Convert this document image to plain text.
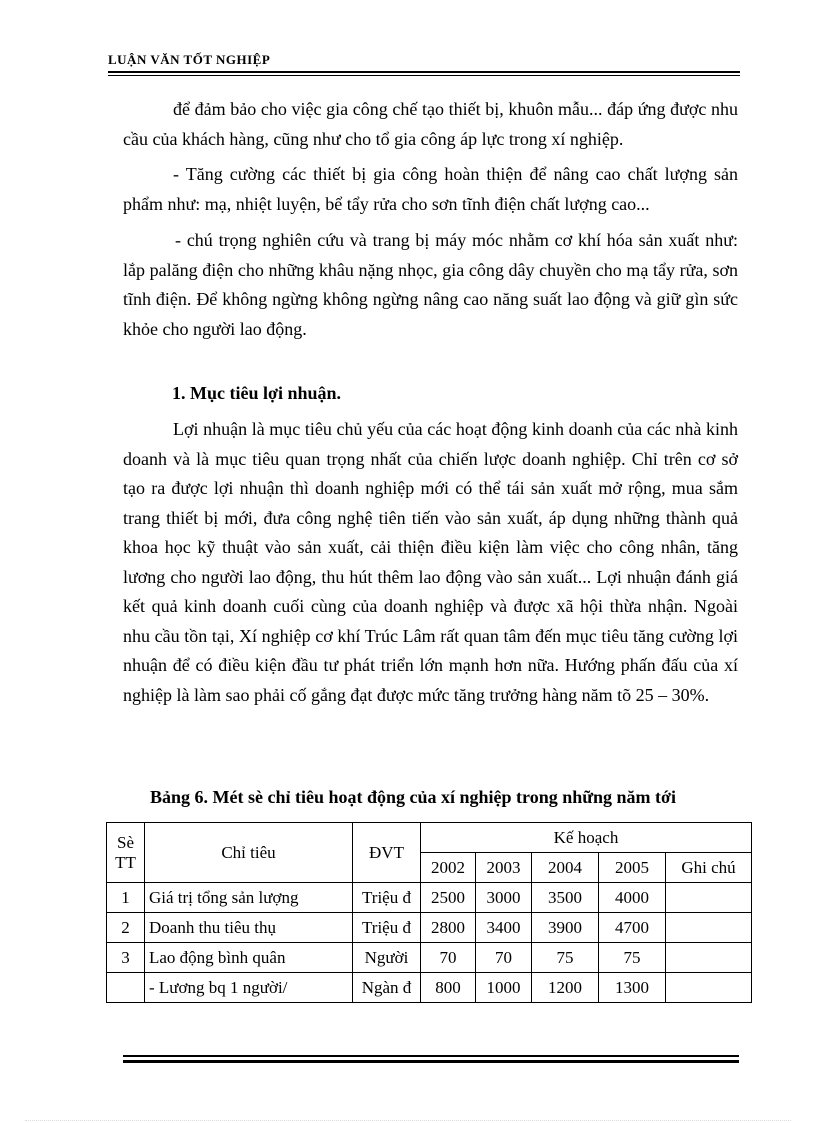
LUẬN VĂN TỐT NGHIỆP
để đảm bảo cho việc gia công chế tạo thiết bị, khuôn mẫu... đáp ứng được nhu cầu của khách hàng, cũng như cho tổ gia công áp lực trong xí nghiệp.
- Tăng cường các thiết bị gia công hoàn thiện để nâng cao chất lượng sản phẩm như: mạ, nhiệt luyện, bể tẩy rửa cho sơn tĩnh điện chất lượng cao...
- chú trọng nghiên cứu và trang bị máy móc nhằm cơ khí hóa sản xuất như: lắp palăng điện cho những khâu nặng nhọc, gia công dây chuyền cho mạ tẩy rửa, sơn tĩnh điện. Để không ngừng không ngừng nâng cao năng suất lao động và giữ gìn sức khỏe cho người lao động.
1. Mục tiêu lợi nhuận.
Lợi nhuận là mục tiêu chủ yếu của các hoạt động kinh doanh của các nhà kinh doanh và là mục tiêu quan trọng nhất của chiến lược doanh nghiệp. Chỉ trên cơ sở tạo ra được lợi nhuận thì doanh nghiệp mới có thể tái sản xuất mở rộng, mua sắm trang thiết bị mới, đưa công nghệ tiên tiến vào sản xuất, áp dụng những thành quả khoa học kỹ thuật vào sản xuất, cải thiện điều kiện làm việc cho công nhân, tăng lương cho người lao động, thu hút thêm lao động vào sản xuất... Lợi nhuận đánh giá kết quả kinh doanh cuối cùng của doanh nghiệp và được xã hội thừa nhận. Ngoài nhu cầu tồn tại, Xí nghiệp cơ khí Trúc Lâm rất quan tâm đến mục tiêu tăng cường lợi nhuận để có điều kiện đầu tư phát triển lớn mạnh hơn nữa. Hướng phấn đấu của xí nghiệp là làm sao phải cố gắng đạt được mức tăng trưởng hàng năm tõ 25 – 30%.
Bảng 6. Mét sè chỉ tiêu hoạt động của xí nghiệp trong những năm tới
Sè TT	Chỉ tiêu	ĐVT	Kế hoạch				
			2002	2003	2004	2005	Ghi chú
1	Giá trị tổng sản lượng	Triệu đ	2500	3000	3500	4000	
2	Doanh thu tiêu thụ	Triệu đ	2800	3400	3900	4700	
3	Lao động bình quân	Người	70	70	75	75	
	- Lương bq 1 người/	Ngàn đ	800	1000	1200	1300	
